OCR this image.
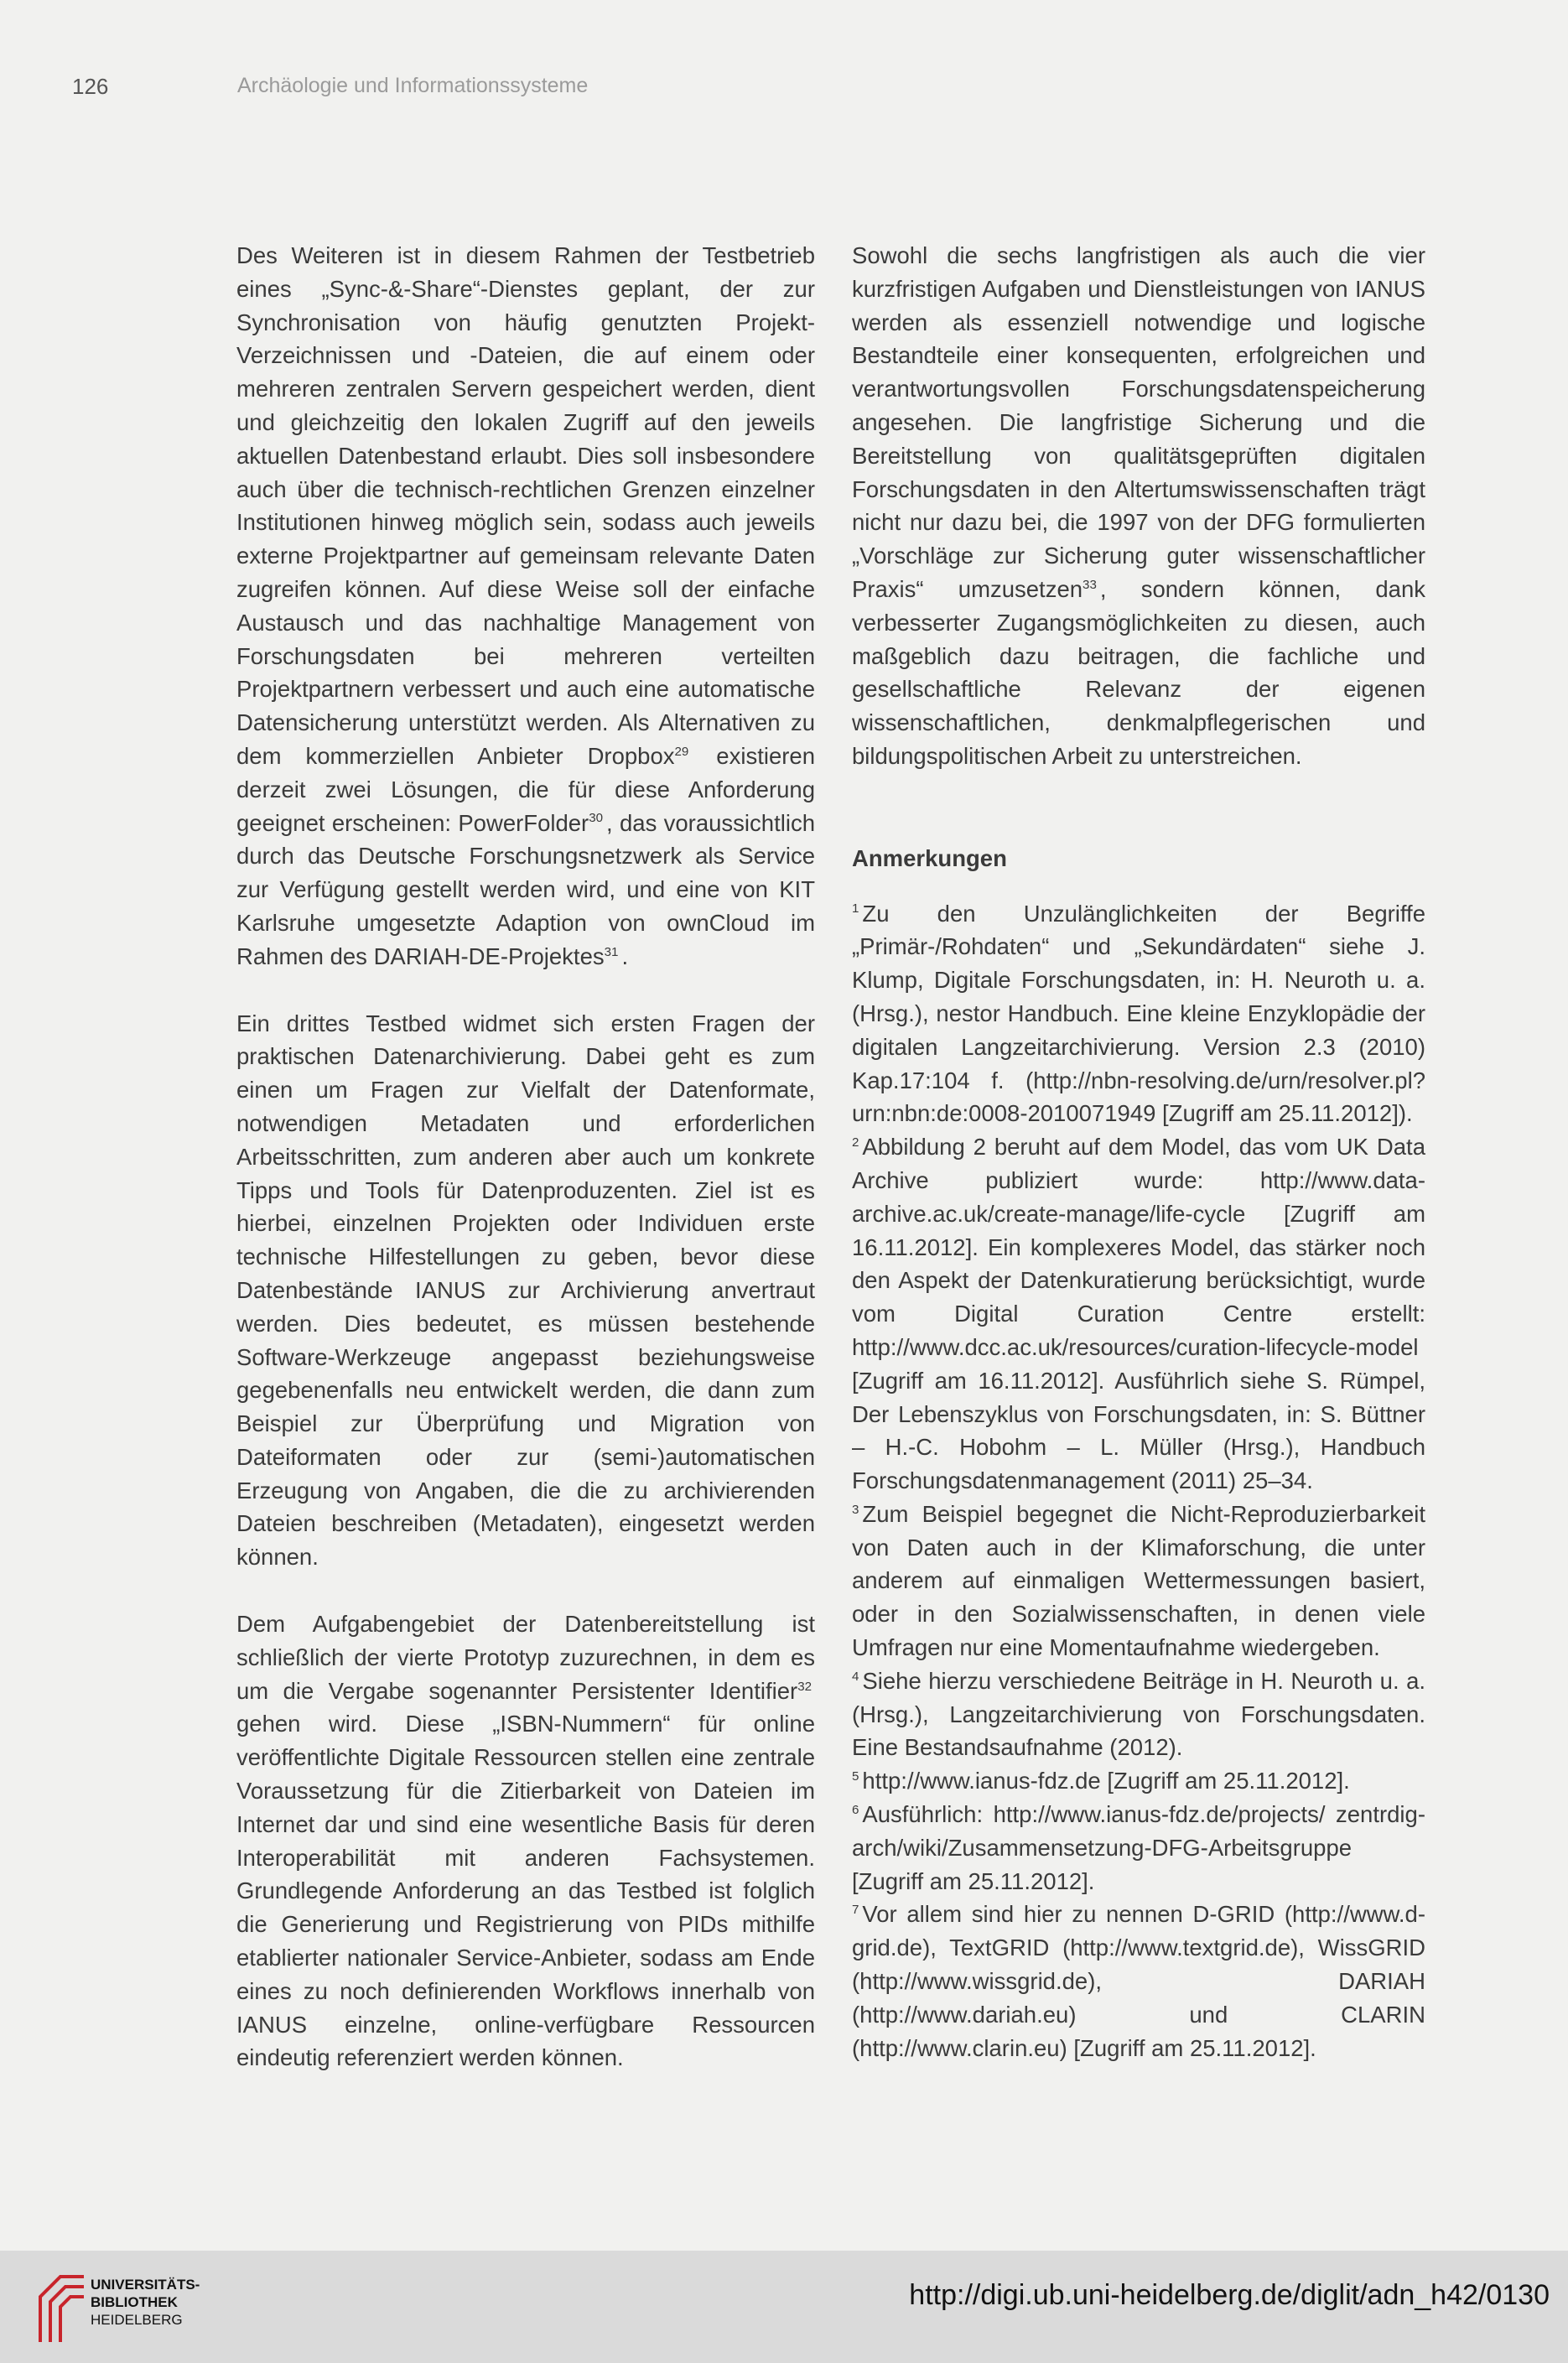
126	Archäologie und Informationssysteme

Des Weiteren ist in diesem Rahmen der Testbetrieb eines „Sync-&-Share“-Dienstes geplant, der zur Synchronisation von häufig genutzten Projekt-Verzeichnissen und -Dateien, die auf einem oder mehreren zentralen Servern gespeichert werden, dient und gleichzeitig den lokalen Zugriff auf den jeweils aktuellen Datenbestand erlaubt. Dies soll insbesondere auch über die technisch-rechtlichen Grenzen einzelner Institutionen hinweg möglich sein, sodass auch jeweils externe Projektpartner auf gemeinsam relevante Daten zugreifen können. Auf diese Weise soll der einfache Austausch und das nachhaltige Management von Forschungsdaten bei mehreren verteilten Projektpartnern verbessert und auch eine automatische Datensicherung unterstützt werden. Als Alternativen zu dem kommerziellen Anbieter Dropbox$^{29}$ existieren derzeit zwei Lösungen, die für diese Anforderung geeignet erscheinen: PowerFolder$^{30}$ , das voraussichtlich durch das Deutsche Forschungsnetzwerk als Service zur Verfügung gestellt werden wird, und eine von KIT Karlsruhe umgesetzte Adaption von ownCloud im Rahmen des DARIAH-DE-Projektes$^{31}$ .

Ein drittes Testbed widmet sich ersten Fragen der praktischen Datenarchivierung. Dabei geht es zum einen um Fragen zur Vielfalt der Datenformate, notwendigen Metadaten und erforderlichen Arbeitsschritten, zum anderen aber auch um konkrete Tipps und Tools für Datenproduzenten. Ziel ist es hierbei, einzelnen Projekten oder Individuen erste technische Hilfestellungen zu geben, bevor diese Datenbestände IANUS zur Archivierung anvertraut werden. Dies bedeutet, es müssen bestehende Software-Werkzeuge angepasst beziehungsweise gegebenenfalls neu entwickelt werden, die dann zum Beispiel zur Überprüfung und Migration von Dateiformaten oder zur (semi-)automatischen Erzeugung von Angaben, die die zu archivierenden Dateien beschreiben (Metadaten), eingesetzt werden können.

Dem Aufgabengebiet der Datenbereitstellung ist schließlich der vierte Prototyp zuzurechnen, in dem es um die Vergabe sogenannter Persistenter Identifier$^{32}$ gehen wird. Diese „ISBN-Nummern“ für online veröffentlichte Digitale Ressourcen stellen eine zentrale Voraussetzung für die Zitierbarkeit von Dateien im Internet dar und sind eine wesentliche Basis für deren Interoperabilität mit anderen Fachsystemen. Grundlegende Anforderung an das Testbed ist folglich die Generierung und Registrierung von PIDs mithilfe etablierter nationaler Service-Anbieter, sodass am Ende eines zu noch definierenden Workflows innerhalb von IANUS einzelne, online-verfügbare Ressourcen eindeutig referenziert werden können.

Sowohl die sechs langfristigen als auch die vier kurzfristigen Aufgaben und Dienstleistungen von IANUS werden als essenziell notwendige und logische Bestandteile einer konsequenten, erfolgreichen und verantwortungsvollen Forschungsdatenspeicherung angesehen. Die langfristige Sicherung und die Bereitstellung von qualitätsgeprüften digitalen Forschungsdaten in den Altertumswissenschaften trägt nicht nur dazu bei, die 1997 von der DFG formulierten „Vorschläge zur Sicherung guter wissenschaftlicher Praxis“ umzusetzen$^{33}$ , sondern können, dank verbesserter Zugangsmöglichkeiten zu diesen, auch maßgeblich dazu beitragen, die fachliche und gesellschaftliche Relevanz der eigenen wissenschaftlichen, denkmalpflegerischen und bildungspolitischen Arbeit zu unterstreichen.

Anmerkungen

$^1$ Zu den Unzulänglichkeiten der Begriffe „Primär-/Rohdaten“ und „Sekundärdaten“ siehe J. Klump, Digitale Forschungsdaten, in: H. Neuroth u. a. (Hrsg.), nestor Handbuch. Eine kleine Enzyklopädie der digitalen Langzeitarchivierung. Version 2.3 (2010) Kap.17:104 f. (http://nbn-resolving.de/urn/resolver.pl?urn:nbn:de:0008-2010071949 [Zugriff am 25.11.2012]).

$^2$ Abbildung 2 beruht auf dem Model, das vom UK Data Archive publiziert wurde: http://www.data-archive.ac.uk/create-manage/life-cycle [Zugriff am 16.11.2012]. Ein komplexeres Model, das stärker noch den Aspekt der Datenkuratierung berücksichtigt, wurde vom Digital Curation Centre erstellt: http://www.dcc.ac.uk/resources/curation-lifecycle-model [Zugriff am 16.11.2012]. Ausführlich siehe S. Rümpel, Der Lebenszyklus von Forschungsdaten, in: S. Büttner – H.-C. Hobohm – L. Müller (Hrsg.), Handbuch Forschungsdatenmanagement (2011) 25–34.

$^3$ Zum Beispiel begegnet die Nicht-Reproduzierbarkeit von Daten auch in der Klimaforschung, die unter anderem auf einmaligen Wettermessungen basiert, oder in den Sozialwissenschaften, in denen viele Umfragen nur eine Momentaufnahme wiedergeben.

$^4$ Siehe hierzu verschiedene Beiträge in H. Neuroth u. a. (Hrsg.), Langzeitarchivierung von Forschungsdaten. Eine Bestandsaufnahme (2012).

$^5$ http://www.ianus-fdz.de [Zugriff am 25.11.2012].

$^6$ Ausführlich: http://www.ianus-fdz.de/projects/ zentrdig-arch/wiki/Zusammensetzung-DFG-Arbeitsgruppe [Zugriff am 25.11.2012].

$^7$ Vor allem sind hier zu nennen D-GRID (http://www.d-grid.de), TextGRID (http://www.textgrid.de), WissGRID (http://www.wissgrid.de), DARIAH (http://www.dariah.eu) und CLARIN (http://www.clarin.eu) [Zugriff am 25.11.2012].

UNIVERSITÄTS-
BIBLIOTHEK
HEIDELBERG
http://digi.ub.uni-heidelberg.de/diglit/adn_h42/0130
